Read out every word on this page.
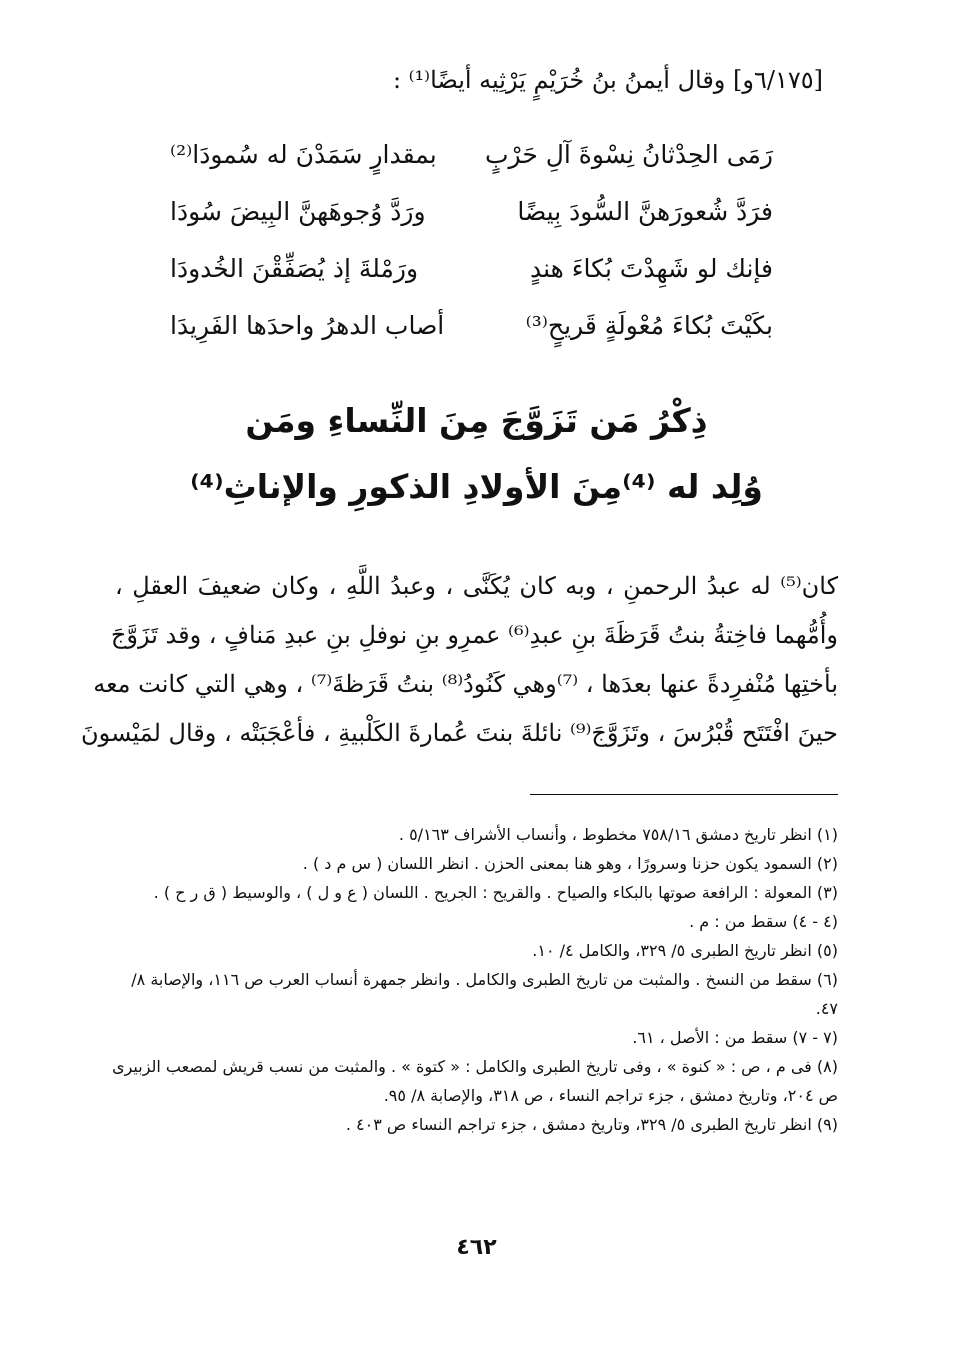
[٦/١٧٥و] وقال أيمنُ بنُ خُرَيْمٍ يَرْثِيه أيضًا⁽¹⁾ :
رَمَى الحِدْثانُ نِسْوةَ آلِ حَرْبٍ
بمقدارٍ سَمَدْنَ له سُمودَا⁽²⁾
فرَدَّ شُعورَهنَّ السُّودَ بِيضًا
ورَدَّ وُجوهَهنَّ البِيضَ سُودَا
فإنك لو شَهِدْتَ بُكاءَ هندٍ
ورَمْلةَ إذ يُصَفِّقْنَ الخُدودَا
بكَيْتَ بُكاءَ مُعْولَةٍ قَريحٍ⁽³⁾
أصاب الدهرُ واحدَها الفَرِيدَا
ذِكْرُ مَن تَزَوَّجَ مِنَ النِّساءِ ومَن
وُلِد له ⁽⁴⁾مِنَ الأولادِ الذكورِ والإناثِ⁽⁴⁾
كان⁽⁵⁾ له عبدُ الرحمنِ ، وبه كان يُكَنَّى ، وعبدُ اللَّهِ ، وكان ضعيفَ العقلِ ،
وأُمُّهما فاخِتةُ بنتُ قَرَظَةَ بنِ عبدِ⁽⁶⁾ عمرِو بنِ نوفلِ بنِ عبدِ مَنافٍ ، وقد تَزَوَّجَ
بأختِها مُنْفرِدةً عنها بعدَها ، ⁽⁷⁾وهي كَنُودُ⁽⁸⁾ بنتُ قَرَظةَ⁽⁷⁾ ، وهي التي كانت معه
حينَ افْتَتَح قُبْرُسَ ، وتَزَوَّجَ⁽⁹⁾ نائلةَ بنتَ عُمارةَ الكَلْبيةِ ، فأعْجَبَتْه ، وقال لمَيْسونَ

(١) انظر تاريخ دمشق ٧٥٨/١٦ مخطوط ، وأنساب الأشراف ٥/١٦٣ .

(٢) السمود يكون حزنا وسرورًا ، وهو هنا بمعنى الحزن . انظر اللسان ( س م د ) .

(٣) المعولة : الرافعة صوتها بالبكاء والصياح . والقريح : الجريح . اللسان ( ع و ل ) ، والوسيط ( ق ر ح ) .

(٤ - ٤) سقط من : م .

(٥) انظر تاريخ الطبرى ٥/ ٣٢٩، والكامل ٤/ ١٠.

(٦) سقط من النسخ . والمثبت من تاريخ الطبرى والكامل . وانظر جمهرة أنساب العرب ص ١١٦، والإصابة ٨/ ٤٧.

(٧ - ٧) سقط من : الأصل ، ٦١.

(٨) فى م ، ص : « كنوة » ، وفى تاريخ الطبرى والكامل : « كتوة » . والمثبت من نسب قريش لمصعب الزبيرى ص ٢٠٤، وتاريخ دمشق ، جزء تراجم النساء ، ص ٣١٨، والإصابة ٨/ ٩٥.

(٩) انظر تاريخ الطبرى ٥/ ٣٢٩، وتاريخ دمشق ، جزء تراجم النساء ص ٤٠٣ .

٤٦٢
